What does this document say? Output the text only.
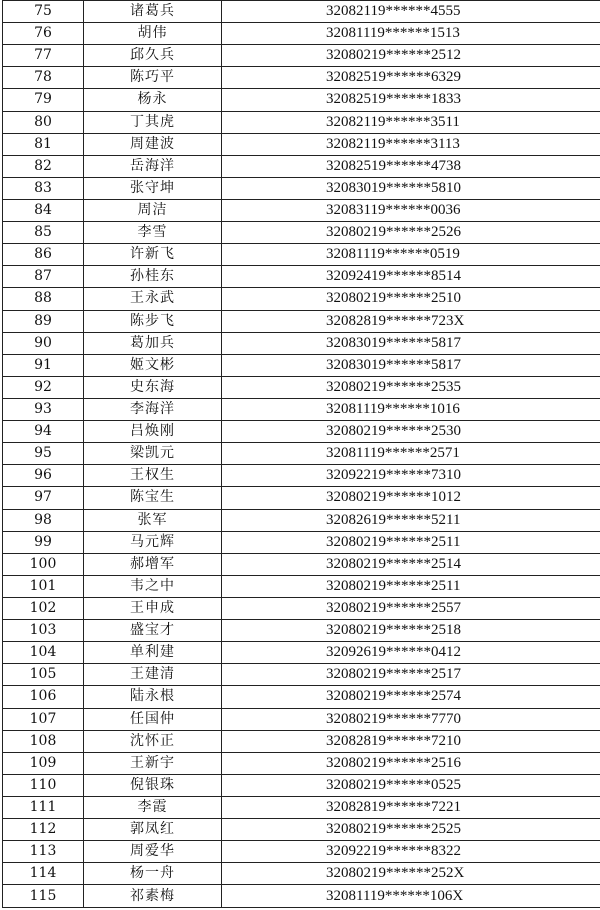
75	诸葛兵	32082119******4555
76	胡伟	32081119******1513
77	邱久兵	32080219******2512
78	陈巧平	32082519******6329
79	杨永	32082519******1833
80	丁其虎	32082119******3511
81	周建波	32082119******3113
82	岳海洋	32082519******4738
83	张守坤	32083019******5810
84	周洁	32083119******0036
85	李雪	32080219******2526
86	许新飞	32081119******0519
87	孙桂东	32092419******8514
88	王永武	32080219******2510
89	陈步飞	32082819******723X
90	葛加兵	32083019******5817
91	姬文彬	32083019******5817
92	史东海	32080219******2535
93	李海洋	32081119******1016
94	吕焕刚	32080219******2530
95	梁凯元	32081119******2571
96	王权生	32092219******7310
97	陈宝生	32080219******1012
98	张军	32082619******5211
99	马元辉	32080219******2511
100	郝增军	32080219******2514
101	韦之中	32080219******2511
102	王申成	32080219******2557
103	盛宝才	32080219******2518
104	单利建	32092619******0412
105	王建清	32080219******2517
106	陆永根	32080219******2574
107	任国仲	32080219******7770
108	沈怀正	32082819******7210
109	王新宇	32080219******2516
110	倪银珠	32080219******0525
111	李霞	32082819******7221
112	郭凤红	32080219******2525
113	周爱华	32092219******8322
114	杨一舟	32080219******252X
115	祁素梅	32081119******106X
